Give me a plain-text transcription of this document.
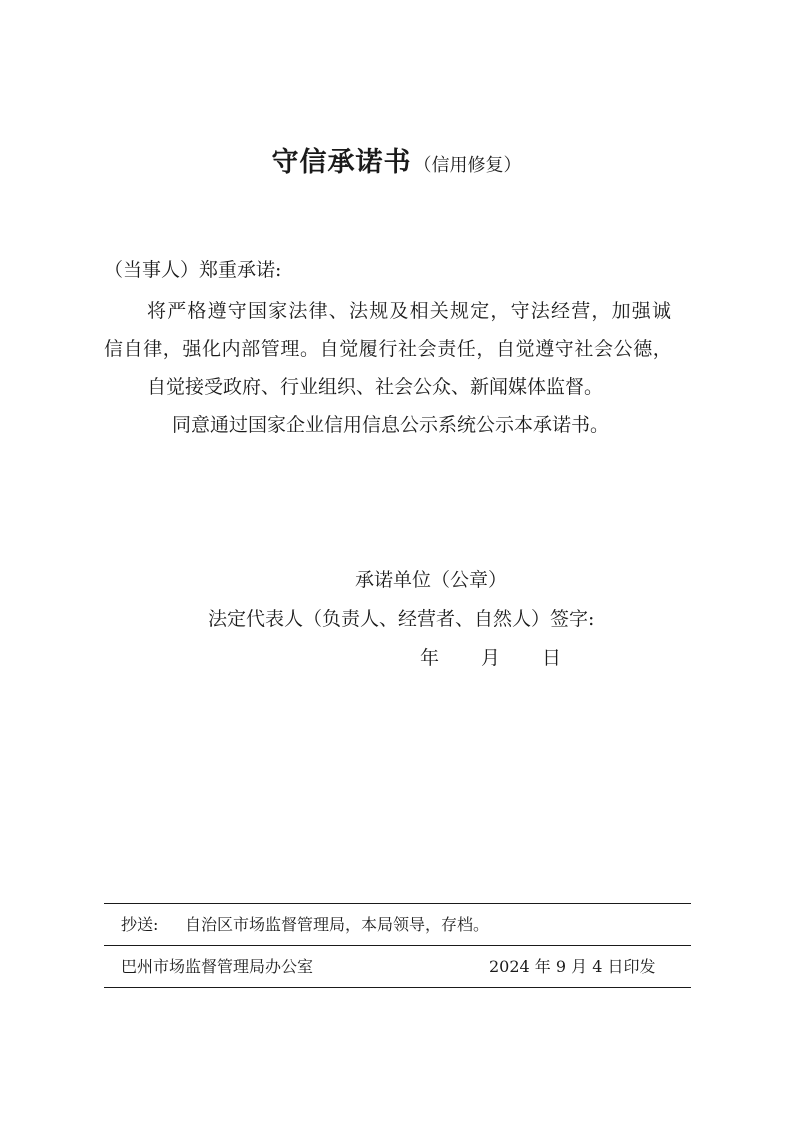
守信承诺书 （信用修复）
（当事人）郑重承诺:
将严格遵守国家法律、法规及相关规定，守法经营，加强诚
信自律，强化内部管理。自觉履行社会责任，自觉遵守社会公德，
自觉接受政府、行业组织、社会公众、新闻媒体监督。
同意通过国家企业信用信息公示系统公示本承诺书。
承诺单位（公章）
法定代表人（负责人、经营者、自然人）签字:
年 月 日
抄送: 自治区市场监督管理局，本局领导，存档。
巴州市场监督管理局办公室	2024 年 9 月 4 日印发
